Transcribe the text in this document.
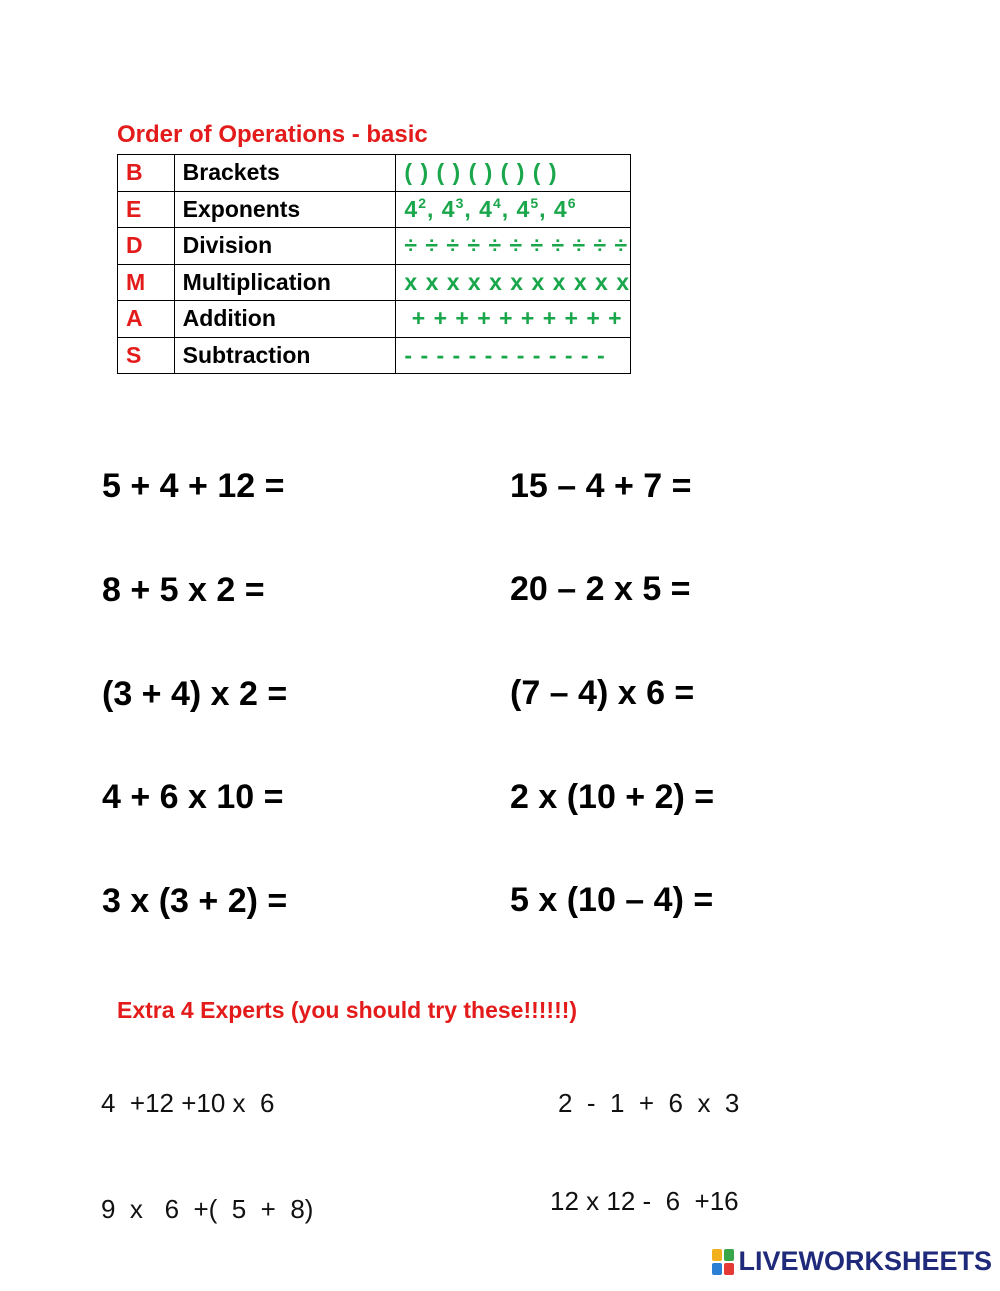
Order of Operations - basic
B	Brackets	( ) ( ) ( ) ( ) ( )
E	Exponents	$4^2$, $4^3$, $4^4$, $4^5$, $4^6$
D	Division	÷ ÷ ÷ ÷ ÷ ÷ ÷ ÷ ÷ ÷ ÷
M	Multiplication	x x x x x x x x x x x
A	Addition	+ + + + + + + + + +
S	Subtraction	- - - - - - - - - - - - -
5 + 4 + 12 =
8 + 5 x 2 =
(3 + 4) x 2 =
4 + 6 x 10 =
3 x (3 + 2) =
15 – 4 + 7 =
20 – 2 x 5 =
(7 – 4) x 6 =
2 x (10 + 2) =
5 x (10 – 4) =
Extra 4 Experts (you should try these!!!!!!)
4  +12 +10 x  6	2  -  1  +  6  x  3
9  x   6  +(  5  +  8)	12 x 12 -  6  +16
LIVEWORKSHEETS
